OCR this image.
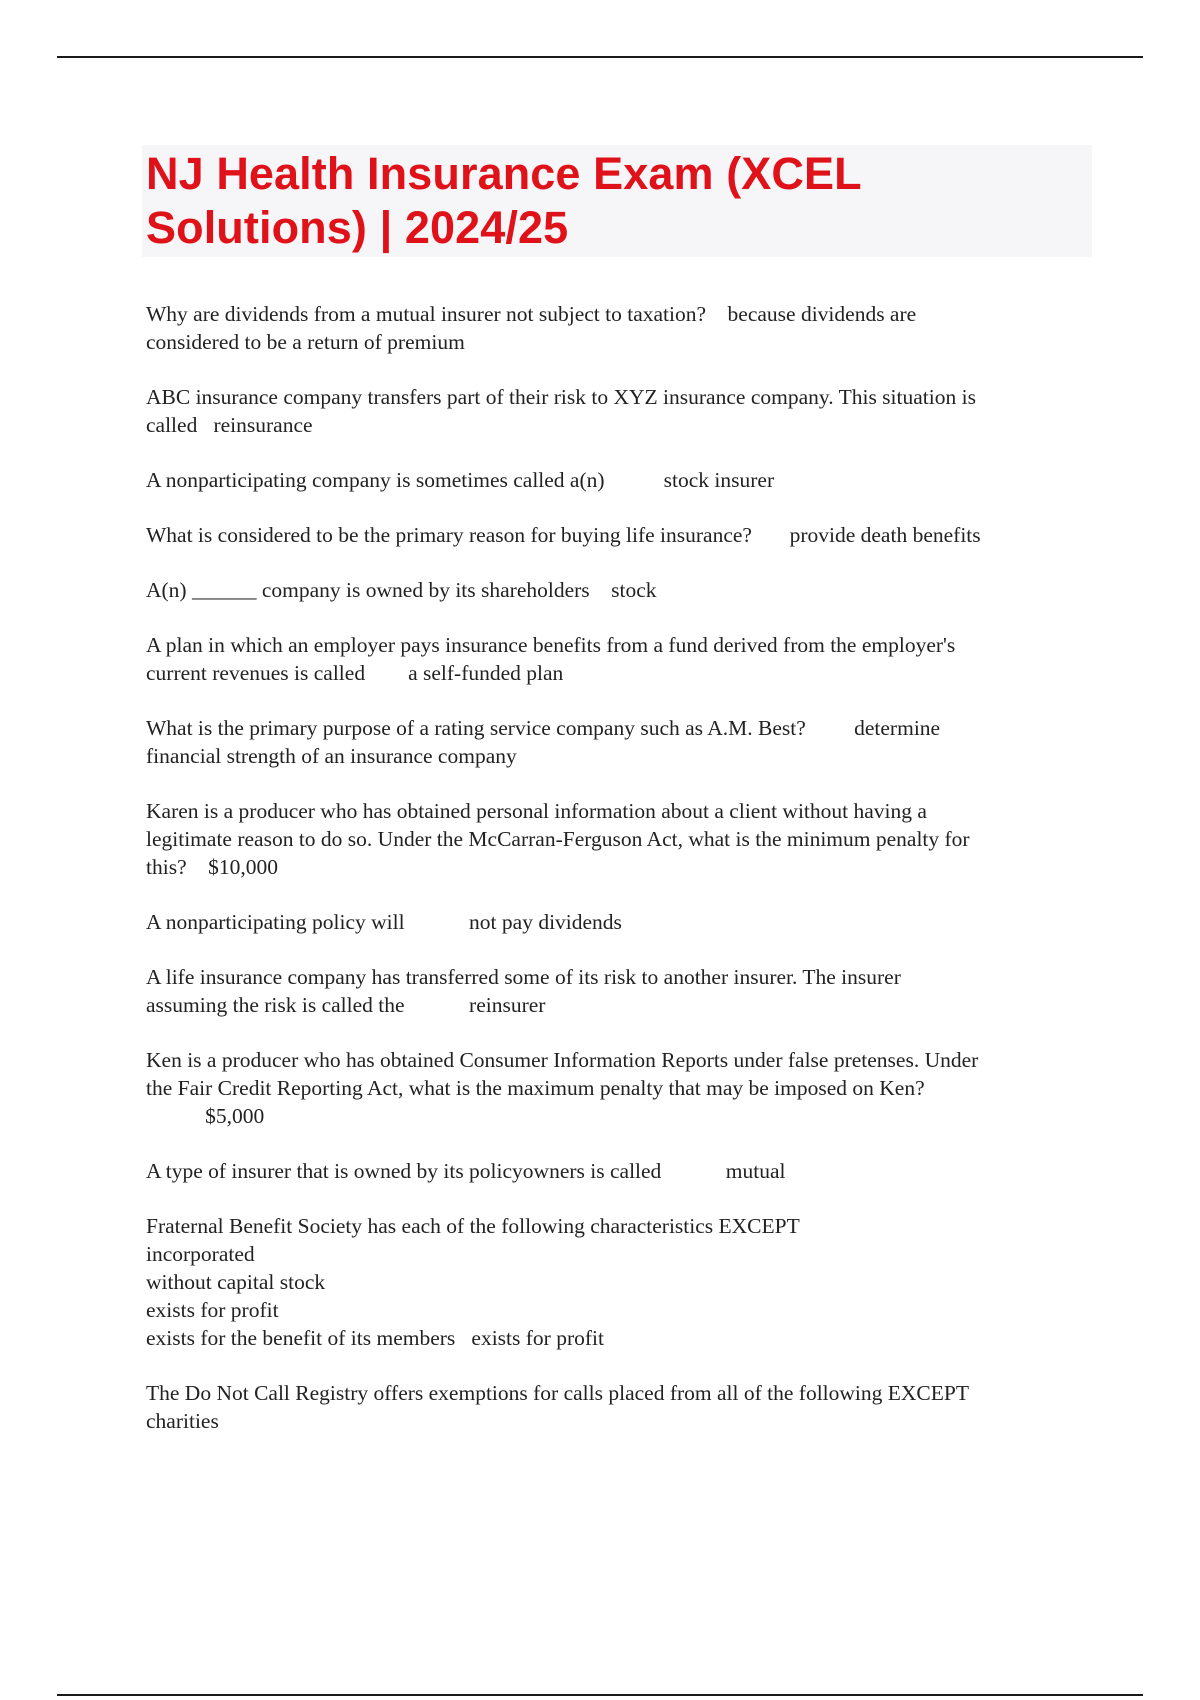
NJ Health Insurance Exam (XCEL
Solutions) | 2024/25

Why are dividends from a mutual insurer not subject to taxation?    because dividends are
considered to be a return of premium

ABC insurance company transfers part of their risk to XYZ insurance company. This situation is
called   reinsurance

A nonparticipating company is sometimes called a(n)           stock insurer

What is considered to be the primary reason for buying life insurance?       provide death benefits

A(n) ______ company is owned by its shareholders    stock

A plan in which an employer pays insurance benefits from a fund derived from the employer's
current revenues is called        a self-funded plan

What is the primary purpose of a rating service company such as A.M. Best?         determine
financial strength of an insurance company

Karen is a producer who has obtained personal information about a client without having a
legitimate reason to do so. Under the McCarran-Ferguson Act, what is the minimum penalty for
this?    $10,000

A nonparticipating policy will            not pay dividends

A life insurance company has transferred some of its risk to another insurer. The insurer
assuming the risk is called the            reinsurer

Ken is a producer who has obtained Consumer Information Reports under false pretenses. Under
the Fair Credit Reporting Act, what is the maximum penalty that may be imposed on Ken?
$5,000

A type of insurer that is owned by its policyowners is called            mutual

Fraternal Benefit Society has each of the following characteristics EXCEPT
incorporated
without capital stock
exists for profit
exists for the benefit of its members   exists for profit

The Do Not Call Registry offers exemptions for calls placed from all of the following EXCEPT
charities
